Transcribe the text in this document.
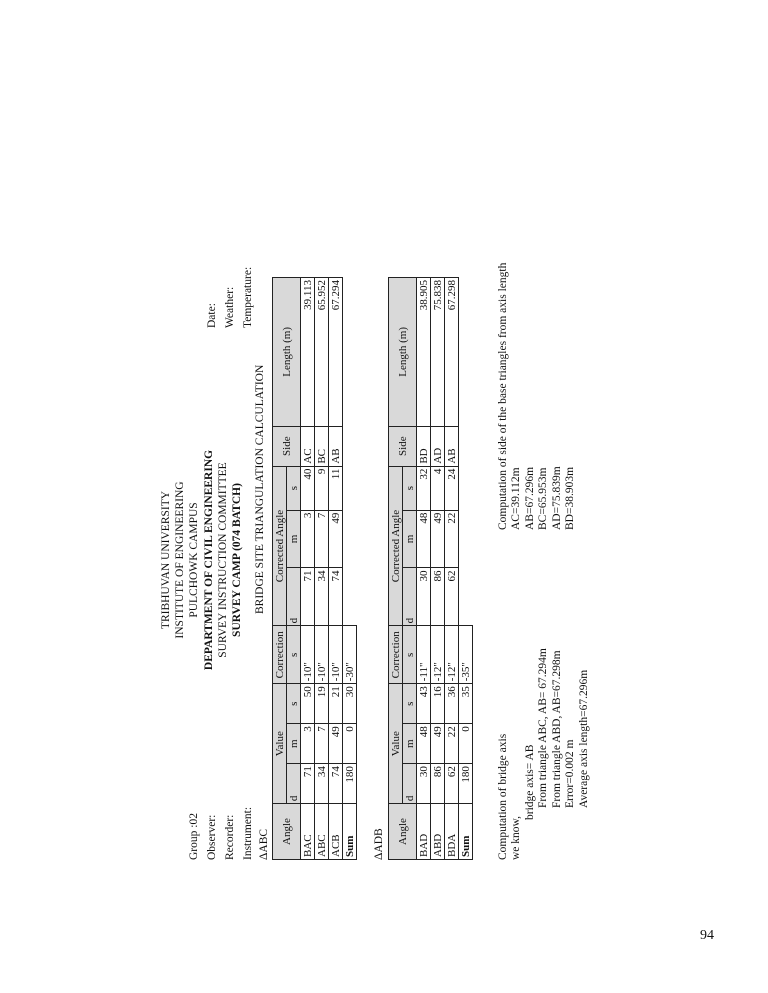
TRIBHUVAN UNIVERSITY INSTITUTE OF ENGINEERING PULCHOWK CAMPUS DEPARTMENT OF CIVIL ENGINEERING SURVEY INSTRUCTION COMMITTEE SURVEY CAMP (074 BATCH)
Group :02 Observer: Recorder: Instrument:
BRIDGE SITE TRIANGULATION CALCULATION
Date: Weather: Temperature:
ΔABC Angle	Value			Correction	Corrected Angle			Side	Length (m)
	d	m	s	s	d	m	s		
BAC	71	3	50	-10"	71	3	40	AC	39.113
ABC	34	7	19	-10"	34	7	9	BC	65.952
ACB	74	49	21	-10"	74	49	11	AB	67.294
Sum	180	0	30	-30"					
ΔADB Angle	Value			Correction	Corrected Angle			Side	Length (m)
	d	m	s	s	d	m	s		
BAD	30	48	43	-11"	30	48	32	BD	38.905
ABD	86	49	16	-12"	86	49	4	AD	75.838
BDA	62	22	36	-12"	62	22	24	AB	67.298
Sum	180	0	35	-35"					
Computation of bridge axis we know,
bridge axis= AB From triangle ABC, AB= 67.294m From triangle ABD, AB=67.298m Error=0.002 m Average axis length=67.296m
Computation of side of the base triangles from axis length AC=39.112m AB=67.296m BC=65.953m AD=75.839m BD=38.903m
94
